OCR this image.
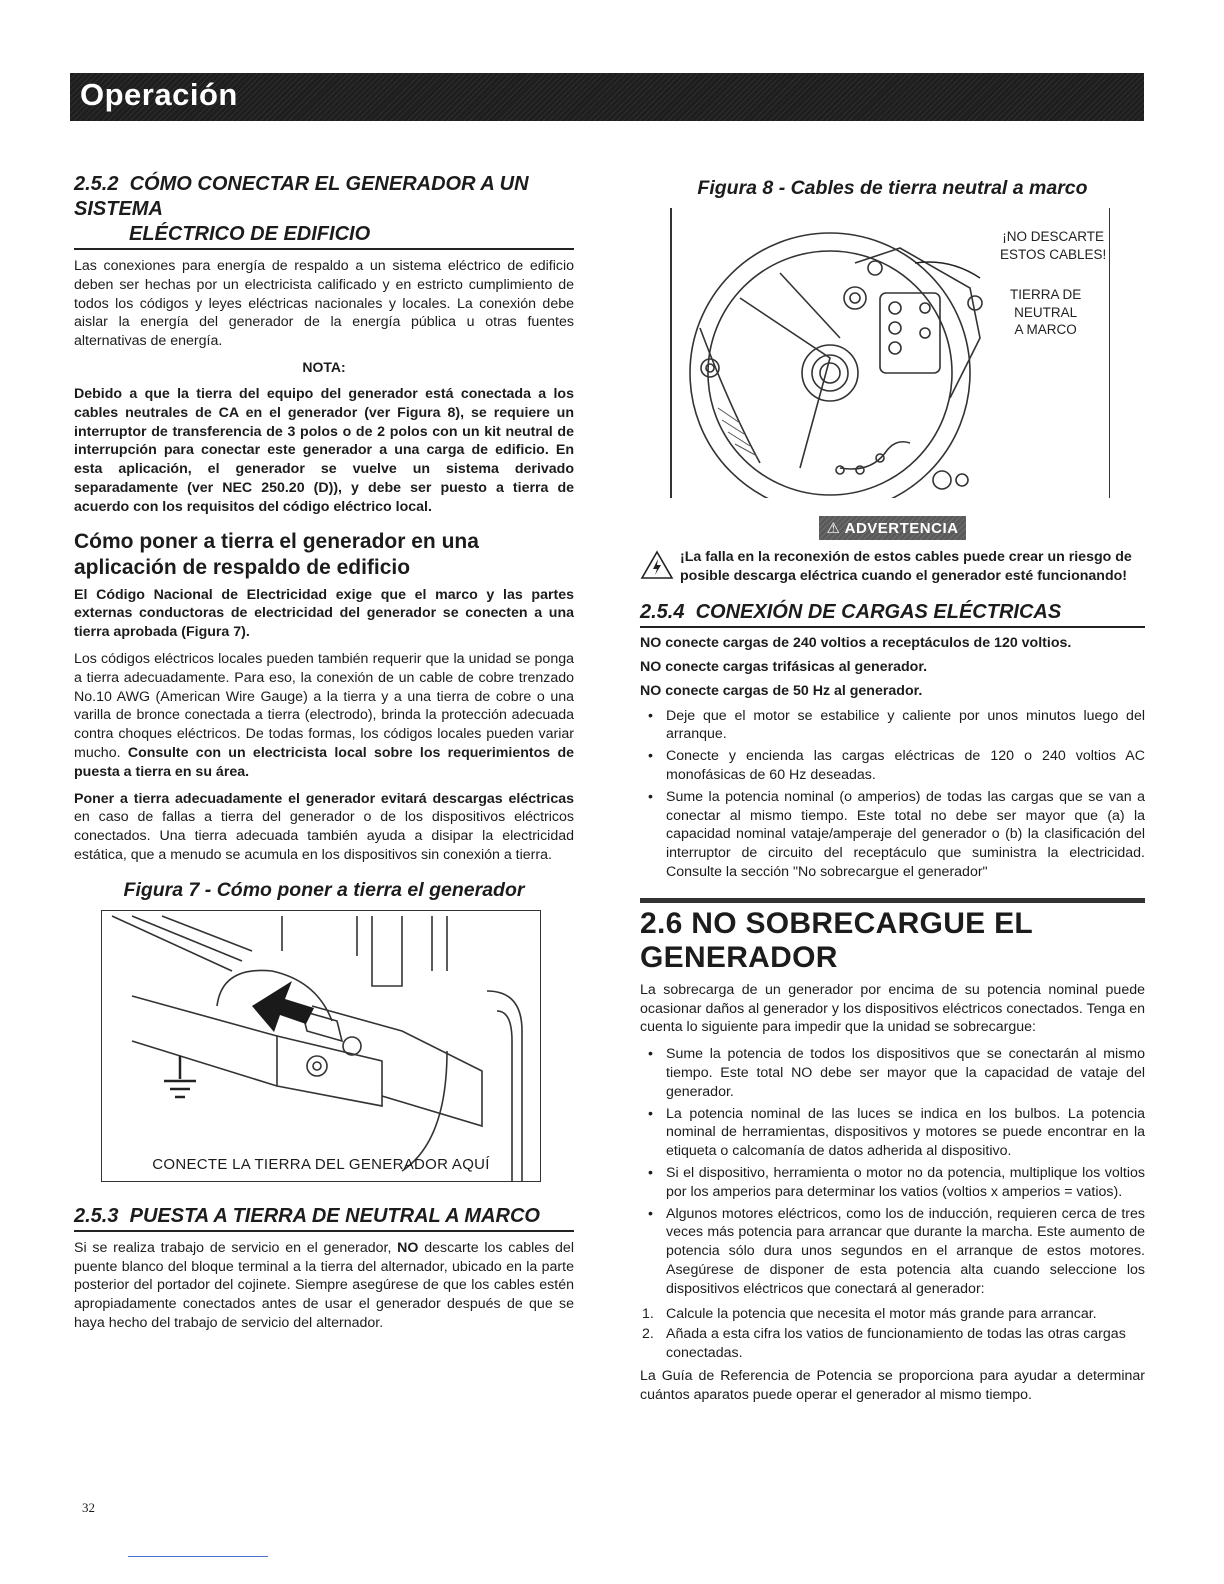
Operación
2.5.2 CÓMO CONECTAR EL GENERADOR A UN SISTEMA
ELÉCTRICO DE EDIFICIO

Las conexiones para energía de respaldo a un sistema eléctrico de edificio deben ser hechas por un electricista calificado y en estricto cumplimiento de todos los códigos y leyes eléctricas nacionales y locales. La conexión debe aislar la energía del generador de la energía pública u otras fuentes alternativas de energía.

NOTA:

Debido a que la tierra del equipo del generador está conectada a los cables neutrales de CA en el generador (ver Figura 8), se requiere un interruptor de transferencia de 3 polos o de 2 polos con un kit neutral de interrupción para conectar este generador a una carga de edificio. En esta aplicación, el generador se vuelve un sistema derivado separadamente (ver NEC 250.20 (D)), y debe ser puesto a tierra de acuerdo con los requisitos del código eléctrico local.

Cómo poner a tierra el generador en una aplicación de respaldo de edificio

El Código Nacional de Electricidad exige que el marco y las partes externas conductoras de electricidad del generador se conecten a una tierra aprobada (Figura 7).

Los códigos eléctricos locales pueden también requerir que la unidad se ponga a tierra adecuadamente. Para eso, la conexión de un cable de cobre trenzado No.10 AWG (American Wire Gauge) a la tierra y a una tierra de cobre o una varilla de bronce conectada a tierra (electrodo), brinda la protección adecuada contra choques eléctricos. De todas formas, los códigos locales pueden variar mucho. Consulte con un electricista local sobre los requerimientos de puesta a tierra en su área.

Poner a tierra adecuadamente el generador evitará descargas eléctricas en caso de fallas a tierra del generador o de los dispositivos eléctricos conectados. Una tierra adecuada también ayuda a disipar la electricidad estática, que a menudo se acumula en los dispositivos sin conexión a tierra.

Figura 7 - Cómo poner a tierra el generador
CONECTE LA TIERRA DEL GENERADOR AQUÍ
2.5.3 PUESTA A TIERRA DE NEUTRAL A MARCO

Si se realiza trabajo de servicio en el generador, NO descarte los cables del puente blanco del bloque terminal a la tierra del alternador, ubicado en la parte posterior del portador del cojinete. Siempre asegúrese de que los cables estén apropiadamente conectados antes de usar el generador después de que se haya hecho del trabajo de servicio del alternador.

Figura 8 - Cables de tierra neutral a marco
¡NO DESCARTE
ESTOS CABLES!
TIERRA DE
NEUTRAL
A MARCO
⚠ ADVERTENCIA
¡La falla en la reconexión de estos cables puede crear un riesgo de posible descarga eléctrica cuando el generador esté funcionando!
2.5.4 CONEXIÓN DE CARGAS ELÉCTRICAS
NO conecte cargas de 240 voltios a receptáculos de 120 voltios.
NO conecte cargas trifásicas al generador.
NO conecte cargas de 50 Hz al generador.
• Deje que el motor se estabilice y caliente por unos minutos luego del arranque.
• Conecte y encienda las cargas eléctricas de 120 o 240 voltios AC monofásicas de 60 Hz deseadas.
• Sume la potencia nominal (o amperios) de todas las cargas que se van a conectar al mismo tiempo. Este total no debe ser mayor que (a) la capacidad nominal vataje/amperaje del generador o (b) la clasificación del interruptor de circuito del receptáculo que suministra la electricidad. Consulte la sección "No sobrecargue el generador"
2.6 NO SOBRECARGUE EL GENERADOR

La sobrecarga de un generador por encima de su potencia nominal puede ocasionar daños al generador y los dispositivos eléctricos conectados. Tenga en cuenta lo siguiente para impedir que la unidad se sobrecargue:

• Sume la potencia de todos los dispositivos que se conectarán al mismo tiempo. Este total NO debe ser mayor que la capacidad de vataje del generador.
• La potencia nominal de las luces se indica en los bulbos. La potencia nominal de herramientas, dispositivos y motores se puede encontrar en la etiqueta o calcomanía de datos adherida al dispositivo.
• Si el dispositivo, herramienta o motor no da potencia, multiplique los voltios por los amperios para determinar los vatios (voltios x amperios = vatios).
• Algunos motores eléctricos, como los de inducción, requieren cerca de tres veces más potencia para arrancar que durante la marcha. Este aumento de potencia sólo dura unos segundos en el arranque de estos motores. Asegúrese de disponer de esta potencia alta cuando seleccione los dispositivos eléctricos que conectará al generador:
1. Calcule la potencia que necesita el motor más grande para arrancar.
2. Añada a esta cifra los vatios de funcionamiento de todas las otras cargas conectadas.

La Guía de Referencia de Potencia se proporciona para ayudar a determinar cuántos aparatos puede operar el generador al mismo tiempo.

32
